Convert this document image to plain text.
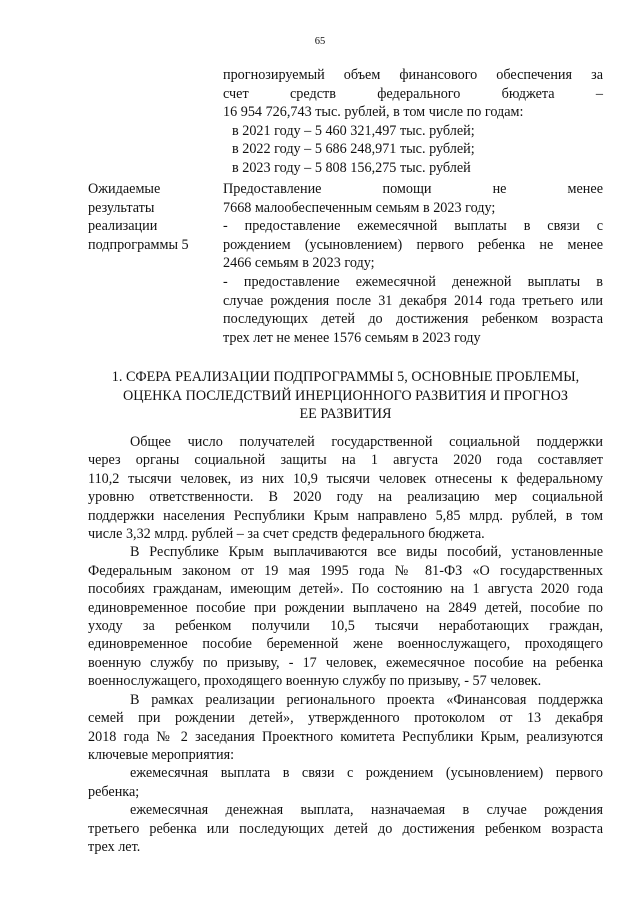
65
прогнозируемый объем финансового обеспечения за
счет средств федерального бюджета –
16 954 726,743 тыс. рублей, в том числе по годам:
в 2021 году – 5 460 321,497 тыс. рублей;
в 2022 году – 5 686 248,971 тыс. рублей;
в 2023 году – 5 808 156,275 тыс. рублей
Ожидаемые
результаты
реализации
подпрограммы 5
Предоставление помощи не менее
7668 малообеспеченным семьям в 2023 году;
- предоставление ежемесячной выплаты в связи с
рождением (усыновлением) первого ребенка не менее
2466 семьям в 2023 году;
- предоставление ежемесячной денежной выплаты в
случае рождения после 31 декабря 2014 года третьего или
последующих детей до достижения ребенком возраста
трех лет не менее 1576 семьям в 2023 году
1. СФЕРА РЕАЛИЗАЦИИ ПОДПРОГРАММЫ 5, ОСНОВНЫЕ ПРОБЛЕМЫ,
ОЦЕНКА ПОСЛЕДСТВИЙ ИНЕРЦИОННОГО РАЗВИТИЯ И ПРОГНОЗ
ЕЕ РАЗВИТИЯ
Общее число получателей государственной социальной поддержки
через органы социальной защиты на 1 августа 2020 года составляет
110,2 тысячи человек, из них 10,9 тысячи человек отнесены к федеральному
уровню ответственности. В 2020 году на реализацию мер социальной
поддержки населения Республики Крым направлено 5,85 млрд. рублей, в том
числе 3,32 млрд. рублей – за счет средств федерального бюджета.
В Республике Крым выплачиваются все виды пособий, установленные
Федеральным законом от 19 мая 1995 года № 81-ФЗ «О государственных
пособиях гражданам, имеющим детей». По состоянию на 1 августа 2020 года
единовременное пособие при рождении выплачено на 2849 детей, пособие по
уходу за ребенком получили 10,5 тысячи неработающих граждан,
единовременное пособие беременной жене военнослужащего, проходящего
военную службу по призыву, - 17 человек, ежемесячное пособие на ребенка
военнослужащего, проходящего военную службу по призыву, - 57 человек.
В рамках реализации регионального проекта «Финансовая поддержка
семей при рождении детей», утвержденного протоколом от 13 декабря
2018 года № 2 заседания Проектного комитета Республики Крым, реализуются
ключевые мероприятия:
ежемесячная выплата в связи с рождением (усыновлением) первого
ребенка;
ежемесячная денежная выплата, назначаемая в случае рождения
третьего ребенка или последующих детей до достижения ребенком возраста
трех лет.
